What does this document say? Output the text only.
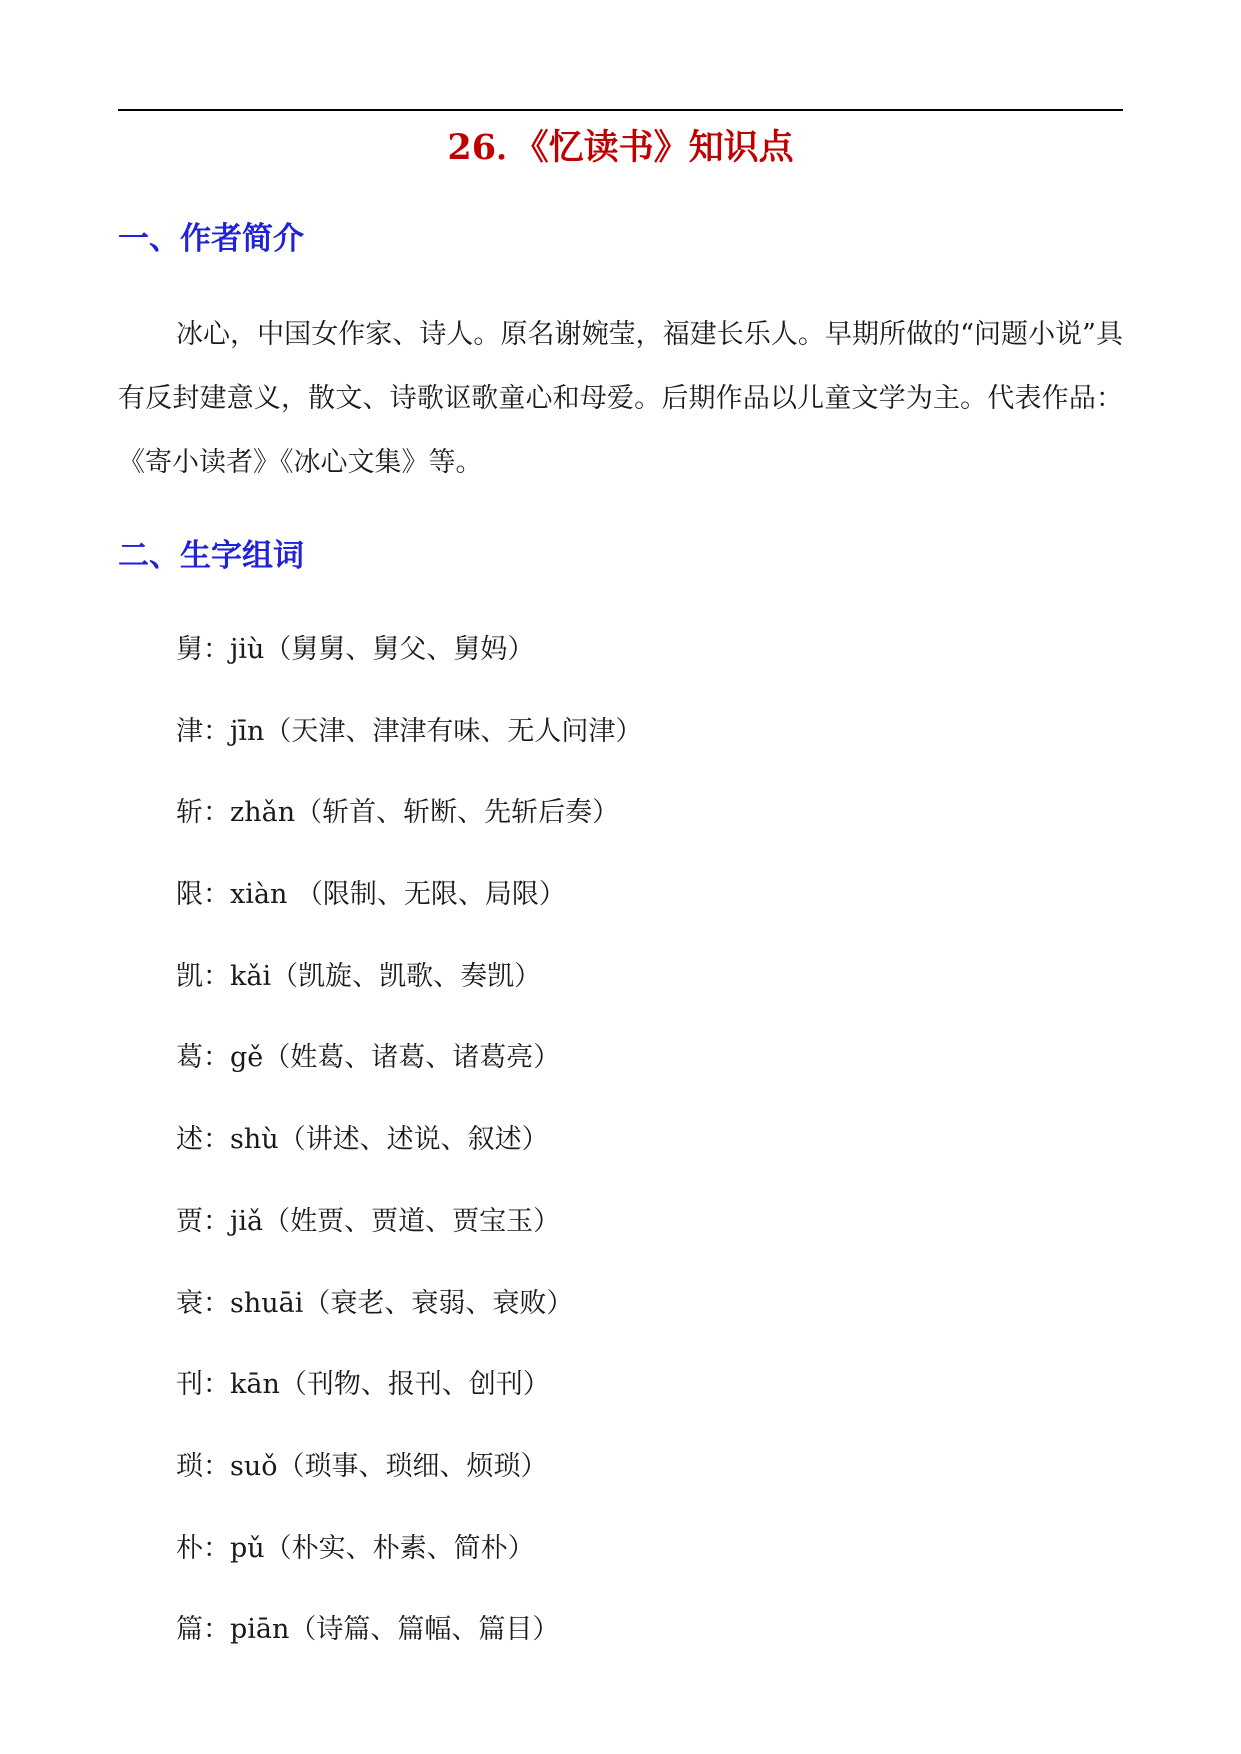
26．《忆读书》知识点
一、作者简介

冰心，中国女作家、诗人。原名谢婉莹，福建长乐人。早期所做的“问题小说”具有反封建意义，散文、诗歌讴歌童心和母爱。后期作品以儿童文学为主。代表作品：《寄小读者》《冰心文集》等。

二、生字组词
舅：jiù（舅舅、舅父、舅妈）
津：jīn（天津、津津有味、无人问津）
斩：zhǎn（斩首、斩断、先斩后奏）
限：xiàn （限制、无限、局限）
凯：kǎi（凯旋、凯歌、奏凯）
葛：gě（姓葛、诸葛、诸葛亮）
述：shù（讲述、述说、叙述）
贾：jiǎ（姓贾、贾道、贾宝玉）
衰：shuāi（衰老、衰弱、衰败）
刊：kān（刊物、报刊、创刊）
琐：suǒ（琐事、琐细、烦琐）
朴：pǔ（朴实、朴素、简朴）
篇：piān（诗篇、篇幅、篇目）
